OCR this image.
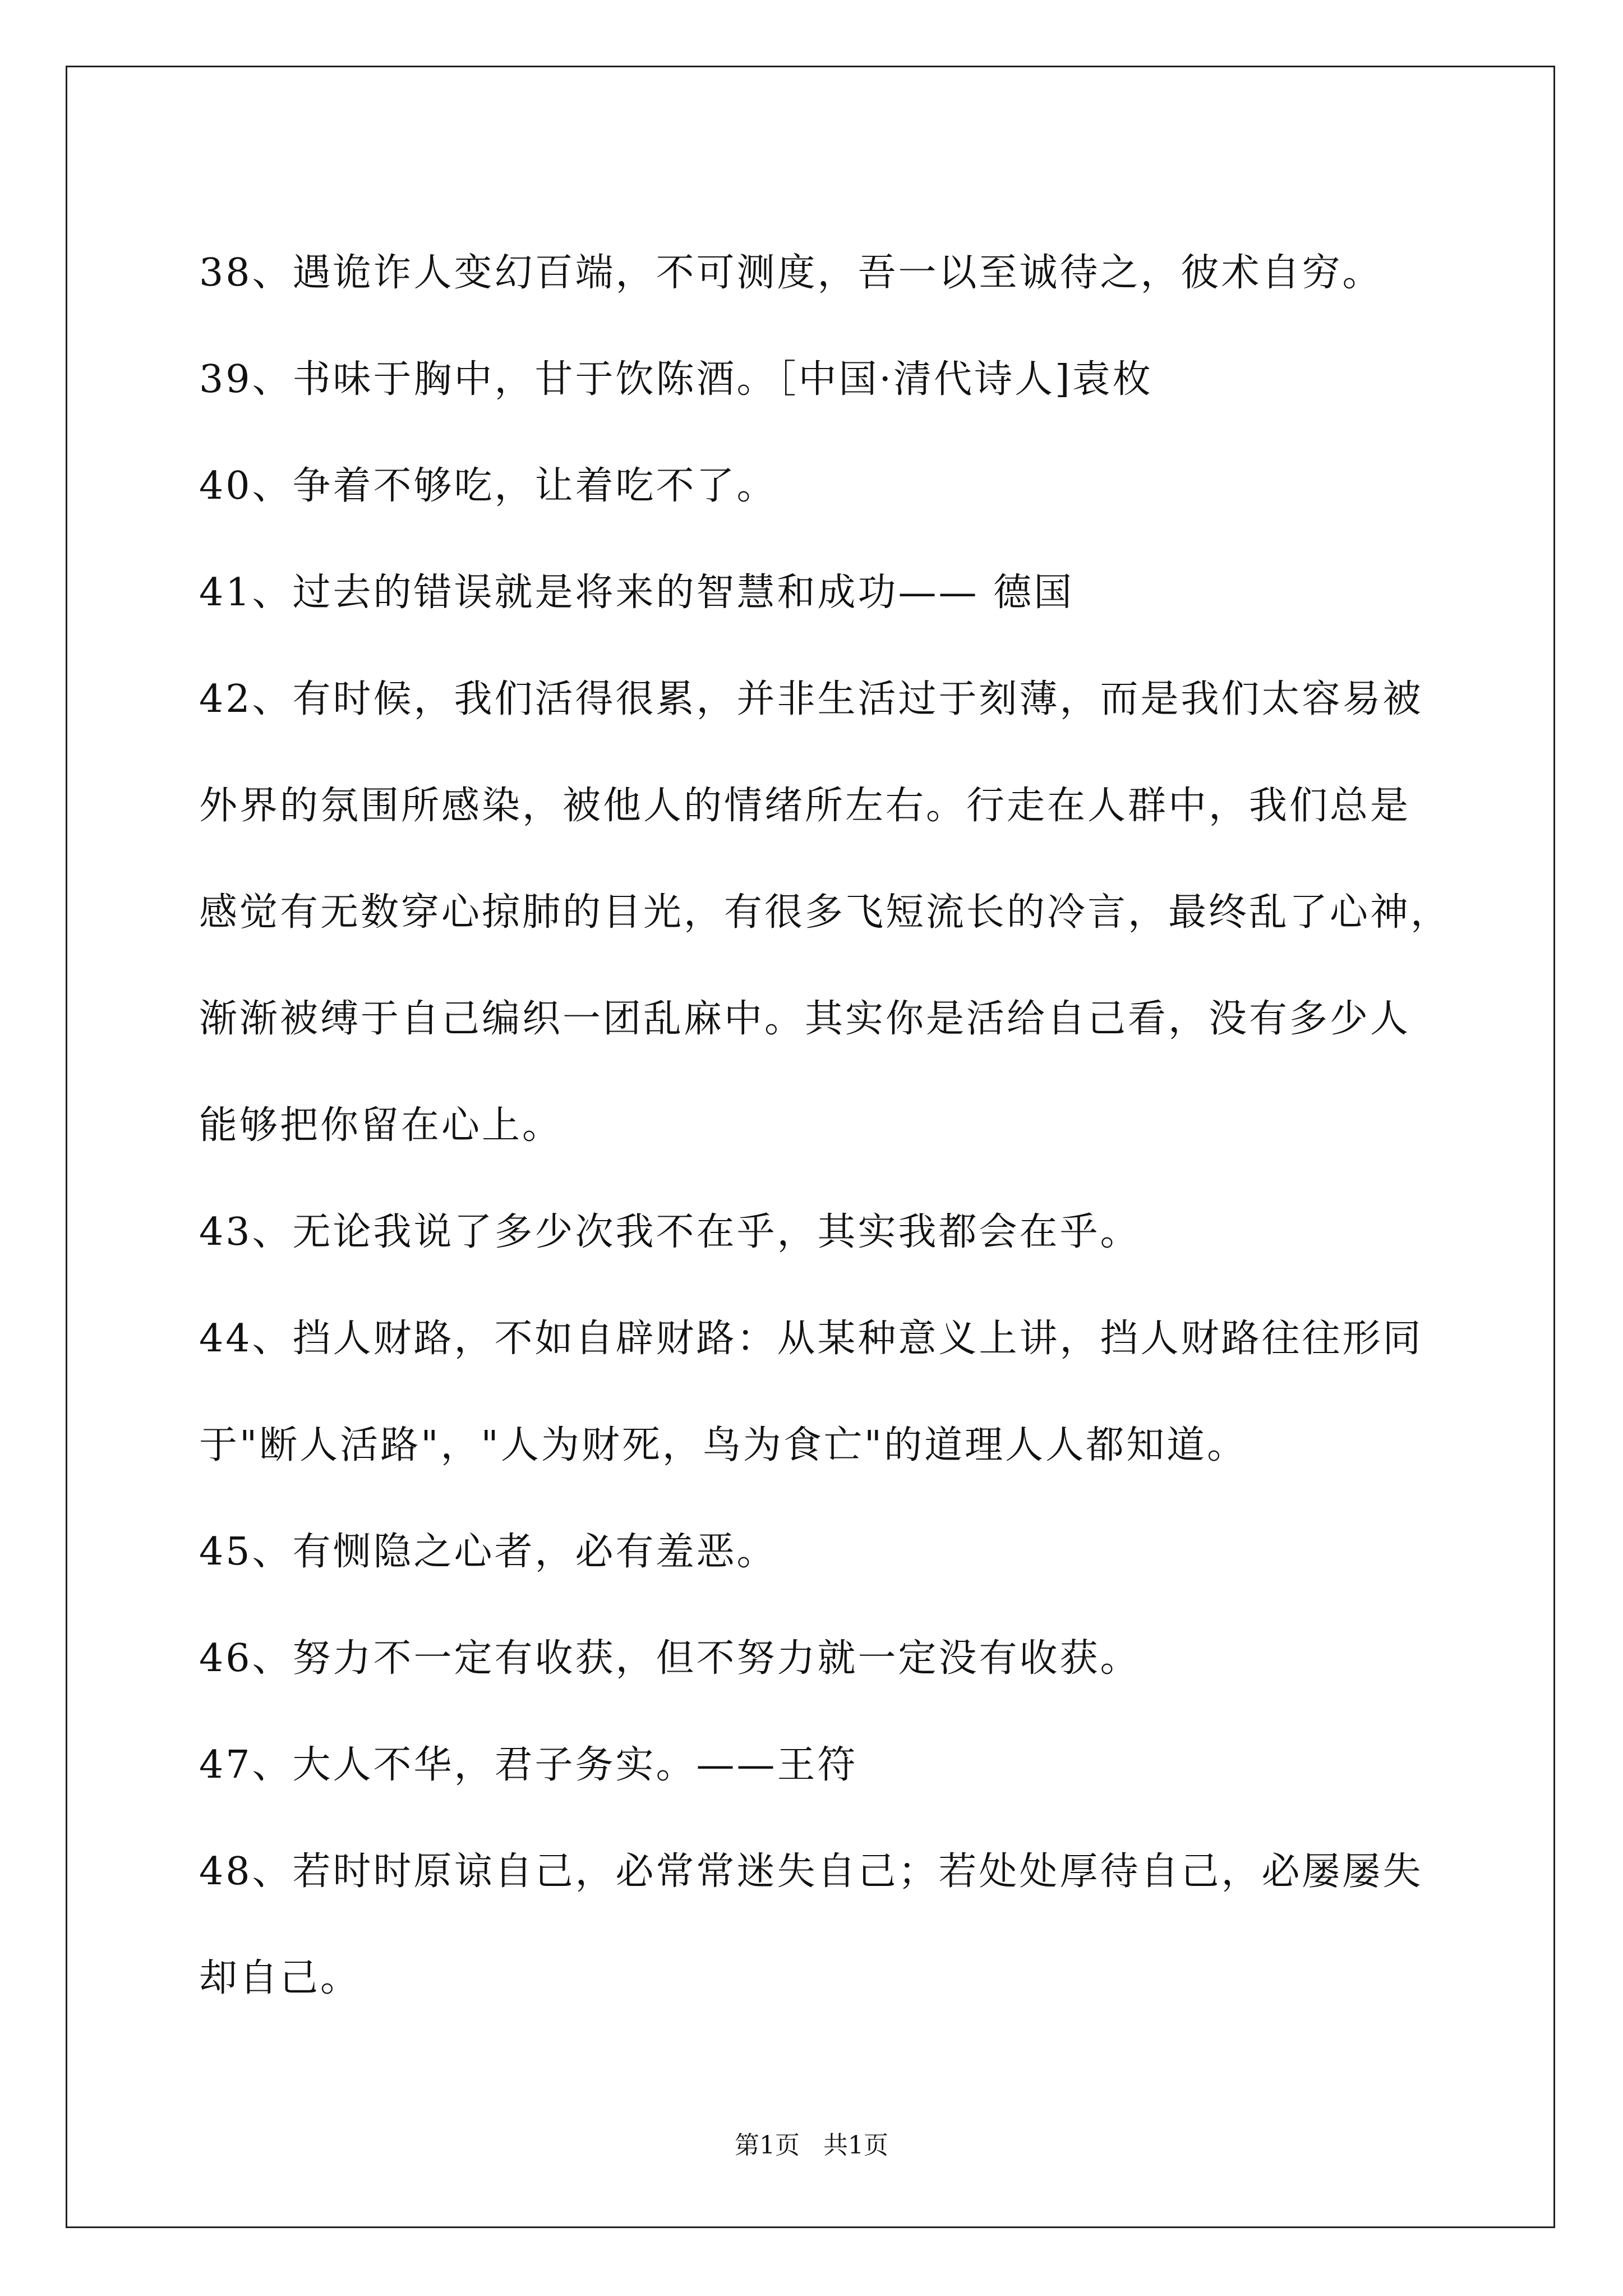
38、遇诡诈人变幻百端，不可测度，吾一以至诚待之，彼术自穷。
39、书味于胸中，甘于饮陈酒。［中国·清代诗人]袁枚
40、争着不够吃，让着吃不了。
41、过去的错误就是将来的智慧和成功—— 德国
42、有时候，我们活得很累，并非生活过于刻薄，而是我们太容易被
外界的氛围所感染，被他人的情绪所左右。行走在人群中，我们总是
感觉有无数穿心掠肺的目光，有很多飞短流长的冷言，最终乱了心神，
渐渐被缚于自己编织一团乱麻中。其实你是活给自己看，没有多少人
能够把你留在心上。
43、无论我说了多少次我不在乎，其实我都会在乎。
44、挡人财路，不如自辟财路：从某种意义上讲，挡人财路往往形同
于"断人活路"，"人为财死，鸟为食亡"的道理人人都知道。
45、有恻隐之心者，必有羞恶。
46、努力不一定有收获，但不努力就一定没有收获。
47、大人不华，君子务实。——王符
48、若时时原谅自己，必常常迷失自己；若处处厚待自己，必屡屡失
却自己。
第1页   共1页
